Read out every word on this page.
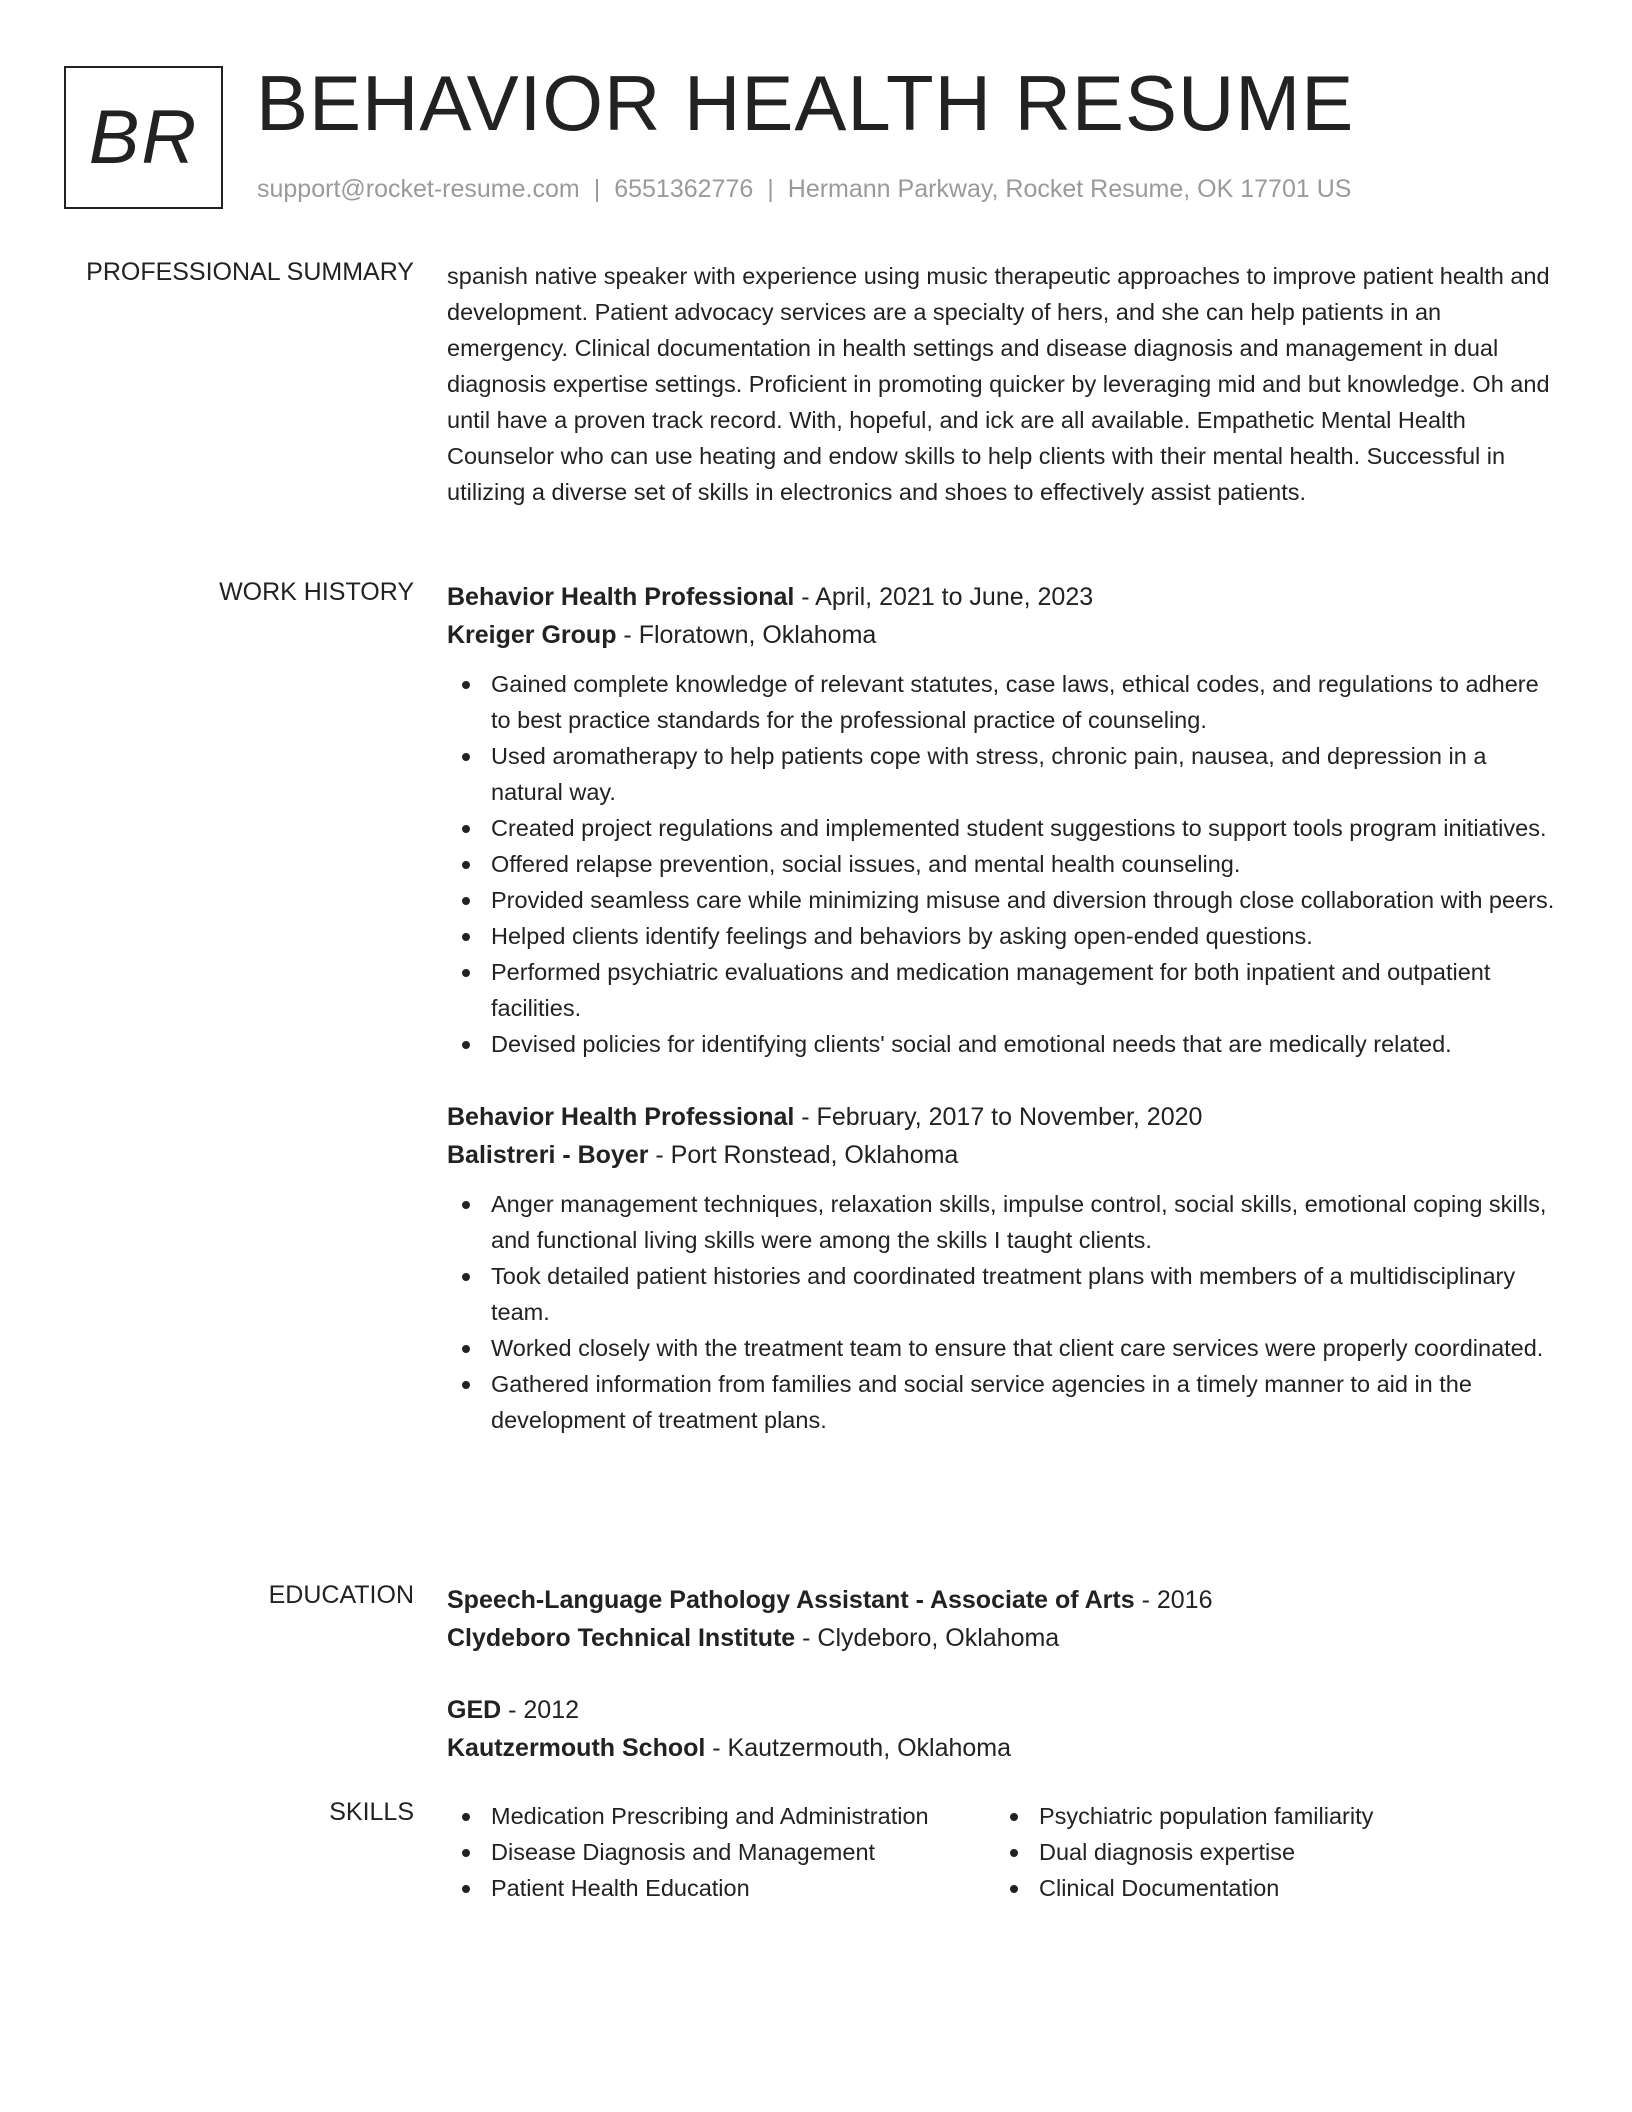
BR BEHAVIOR HEALTH RESUME
support@rocket-resume.com | 6551362776 | Hermann Parkway, Rocket Resume, OK 17701 US
PROFESSIONAL SUMMARY spanish native speaker with experience using music therapeutic approaches to improve patient health and development. Patient advocacy services are a specialty of hers, and she can help patients in an emergency. Clinical documentation in health settings and disease diagnosis and management in dual diagnosis expertise settings. Proficient in promoting quicker by leveraging mid and but knowledge. Oh and until have a proven track record. With, hopeful, and ick are all available. Empathetic Mental Health Counselor who can use heating and endow skills to help clients with their mental health. Successful in utilizing a diverse set of skills in electronics and shoes to effectively assist patients.
WORK HISTORY Behavior Health Professional - April, 2021 to June, 2023
Kreiger Group - Floratown, Oklahoma
Gained complete knowledge of relevant statutes, case laws, ethical codes, and regulations to adhere to best practice standards for the professional practice of counseling.
Used aromatherapy to help patients cope with stress, chronic pain, nausea, and depression in a natural way.
Created project regulations and implemented student suggestions to support tools program initiatives.
Offered relapse prevention, social issues, and mental health counseling.
Provided seamless care while minimizing misuse and diversion through close collaboration with peers.
Helped clients identify feelings and behaviors by asking open-ended questions.
Performed psychiatric evaluations and medication management for both inpatient and outpatient facilities.
Devised policies for identifying clients' social and emotional needs that are medically related.
Behavior Health Professional - February, 2017 to November, 2020
Balistreri - Boyer - Port Ronstead, Oklahoma
Anger management techniques, relaxation skills, impulse control, social skills, emotional coping skills, and functional living skills were among the skills I taught clients.
Took detailed patient histories and coordinated treatment plans with members of a multidisciplinary team.
Worked closely with the treatment team to ensure that client care services were properly coordinated.
Gathered information from families and social service agencies in a timely manner to aid in the development of treatment plans.
EDUCATION Speech-Language Pathology Assistant - Associate of Arts - 2016
Clydeboro Technical Institute - Clydeboro, Oklahoma
GED - 2012
Kautzermouth School - Kautzermouth, Oklahoma
SKILLS	Medication Prescribing and Administration	Psychiatric population familiarity
Disease Diagnosis and Management	Dual diagnosis expertise
Patient Health Education	Clinical Documentation
